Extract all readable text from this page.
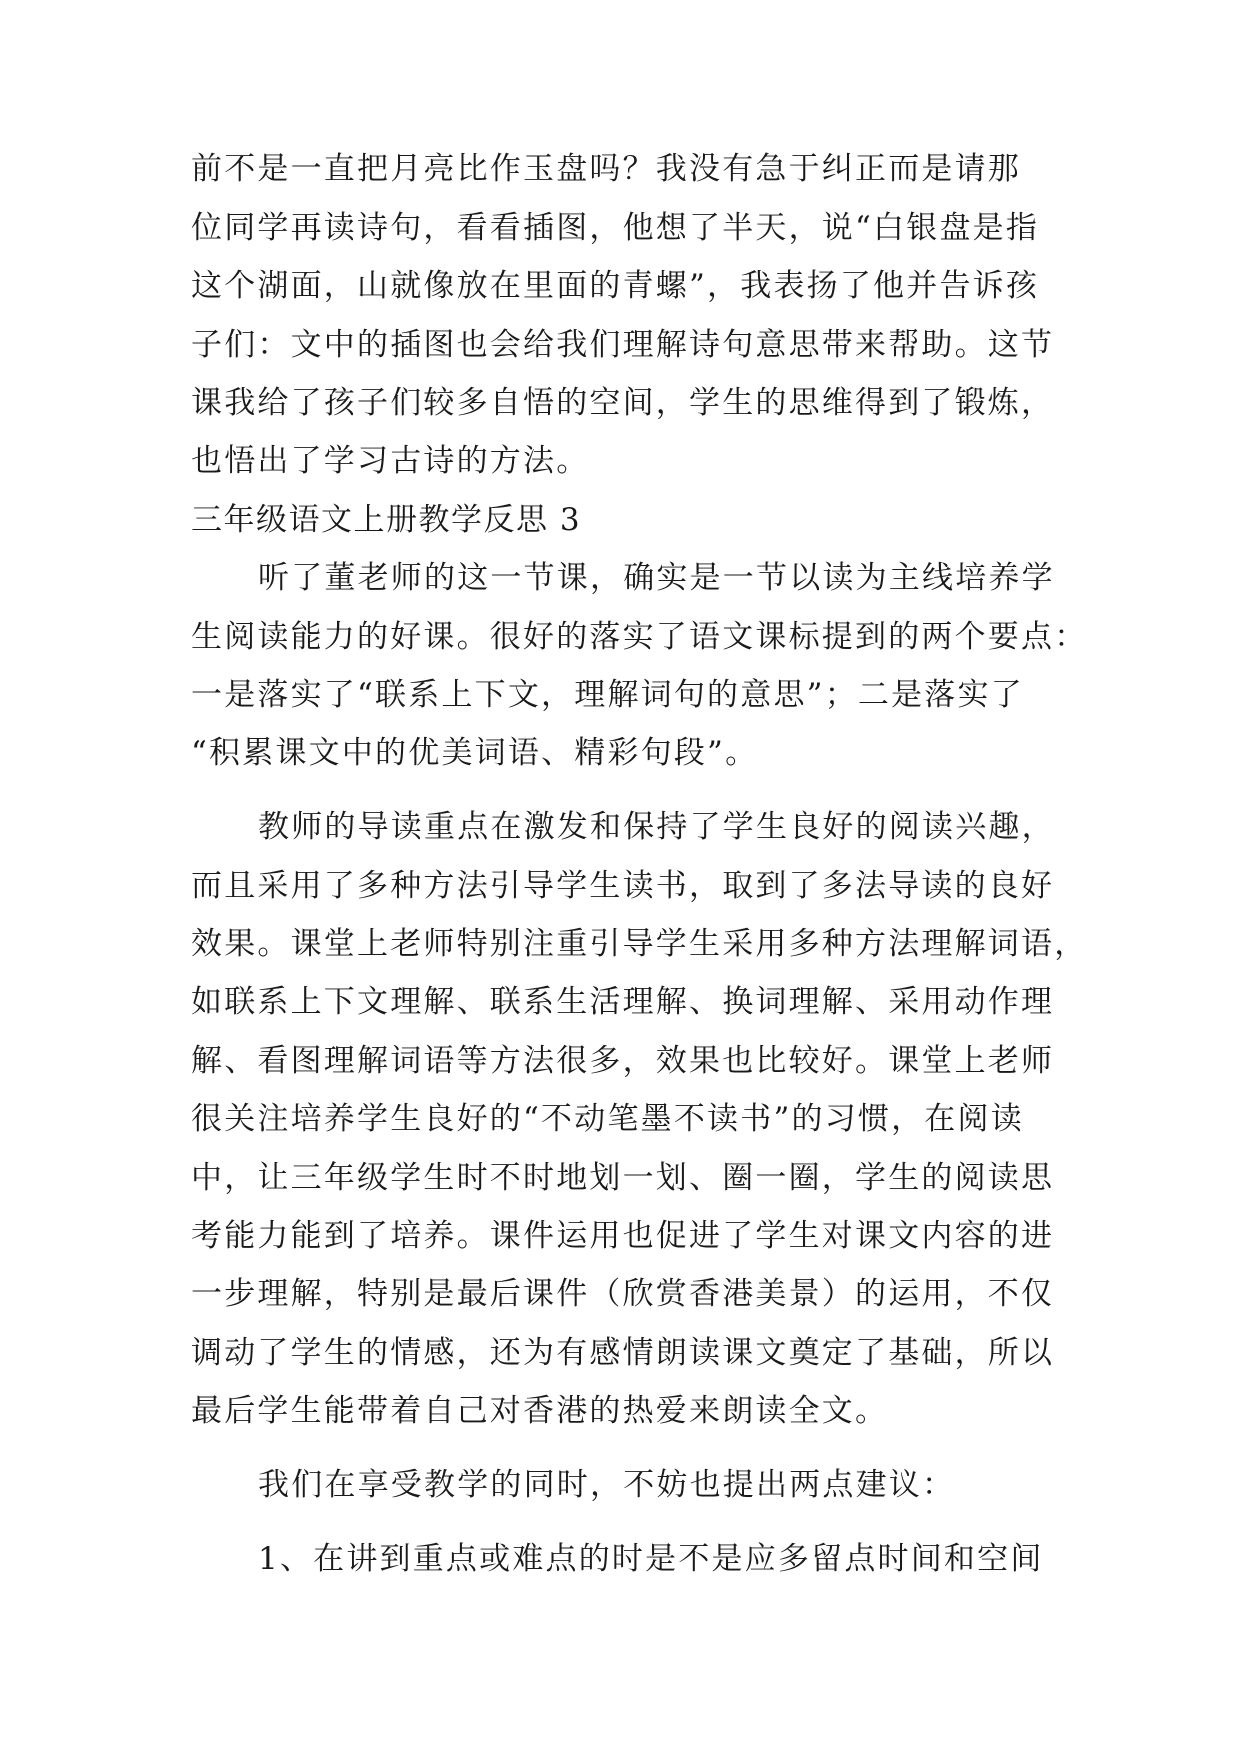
前不是一直把月亮比作玉盘吗？我没有急于纠正而是请那
位同学再读诗句，看看插图，他想了半天，说“白银盘是指
这个湖面，山就像放在里面的青螺”，我表扬了他并告诉孩
子们：文中的插图也会给我们理解诗句意思带来帮助。这节
课我给了孩子们较多自悟的空间，学生的思维得到了锻炼，
也悟出了学习古诗的方法。
三年级语文上册教学反思 3
听了董老师的这一节课，确实是一节以读为主线培养学
生阅读能力的好课。很好的落实了语文课标提到的两个要点：
一是落实了“联系上下文，理解词句的意思”；二是落实了
“积累课文中的优美词语、精彩句段”。
教师的导读重点在激发和保持了学生良好的阅读兴趣，
而且采用了多种方法引导学生读书，取到了多法导读的良好
效果。课堂上老师特别注重引导学生采用多种方法理解词语，
如联系上下文理解、联系生活理解、换词理解、采用动作理
解、看图理解词语等方法很多，效果也比较好。课堂上老师
很关注培养学生良好的“不动笔墨不读书”的习惯，在阅读
中，让三年级学生时不时地划一划、圈一圈，学生的阅读思
考能力能到了培养。课件运用也促进了学生对课文内容的进
一步理解，特别是最后课件（欣赏香港美景）的运用，不仅
调动了学生的情感，还为有感情朗读课文奠定了基础，所以
最后学生能带着自己对香港的热爱来朗读全文。
我们在享受教学的同时，不妨也提出两点建议：
1、在讲到重点或难点的时是不是应多留点时间和空间
